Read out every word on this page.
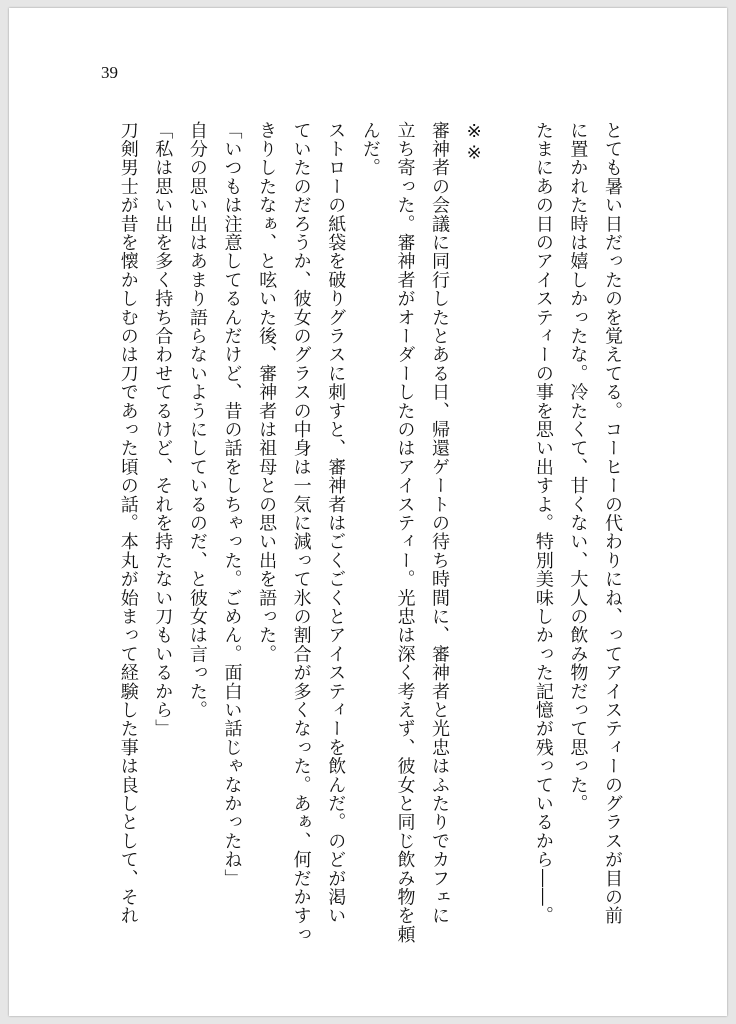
39
とても暑い日だったのを覚えてる。コーヒーの代わりにね、ってアイスティーのグラスが目の前
に置かれた時は嬉しかったな。冷たくて、甘くない、大人の飲み物だって思った。
たまにあの日のアイスティーの事を思い出すよ。特別美味しかった記憶が残っているから――。

※※
審神者の会議に同行したとある日、帰還ゲートの待ち時間に、審神者と光忠はふたりでカフェに
立ち寄った。審神者がオーダーしたのはアイスティー。光忠は深く考えず、彼女と同じ飲み物を頼
んだ。
ストローの紙袋を破りグラスに刺すと、審神者はごくごくとアイスティーを飲んだ。のどが渇い
ていたのだろうか、彼女のグラスの中身は一気に減って氷の割合が多くなった。あぁ、何だかすっ
きりしたなぁ、と呟いた後、審神者は祖母との思い出を語った。
「いつもは注意してるんだけど、昔の話をしちゃった。ごめん。面白い話じゃなかったね」
自分の思い出はあまり語らないようにしているのだ、と彼女は言った。
「私は思い出を多く持ち合わせてるけど、それを持たない刀もいるから」
刀剣男士が昔を懐かしむのは刀であった頃の話。本丸が始まって経験した事は良しとして、それ
